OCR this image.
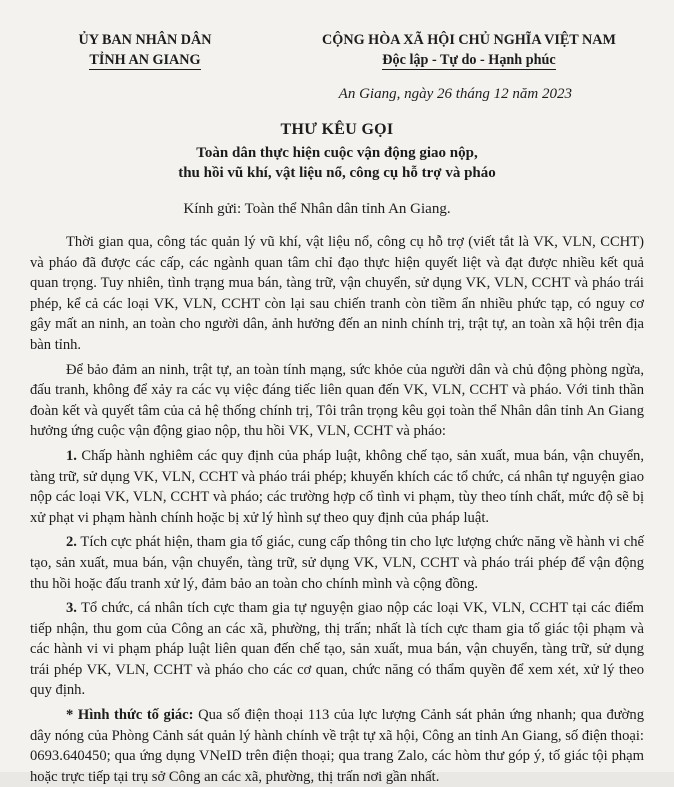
ỦY BAN NHÂN DÂN
TỈNH AN GIANG
CỘNG HÒA XÃ HỘI CHỦ NGHĨA VIỆT NAM
Độc lập - Tự do - Hạnh phúc
An Giang, ngày 26 tháng 12 năm 2023
THƯ KÊU GỌI
Toàn dân thực hiện cuộc vận động giao nộp,
thu hồi vũ khí, vật liệu nổ, công cụ hỗ trợ và pháo
Kính gửi: Toàn thể Nhân dân tỉnh An Giang.

Thời gian qua, công tác quản lý vũ khí, vật liệu nổ, công cụ hỗ trợ (viết tắt là VK, VLN, CCHT) và pháo đã được các cấp, các ngành quan tâm chỉ đạo thực hiện quyết liệt và đạt được nhiều kết quả quan trọng. Tuy nhiên, tình trạng mua bán, tàng trữ, vận chuyển, sử dụng VK, VLN, CCHT và pháo trái phép, kể cả các loại VK, VLN, CCHT còn lại sau chiến tranh còn tiềm ẩn nhiều phức tạp, có nguy cơ gây mất an ninh, an toàn cho người dân, ảnh hưởng đến an ninh chính trị, trật tự, an toàn xã hội trên địa bàn tỉnh.

Để bảo đảm an ninh, trật tự, an toàn tính mạng, sức khỏe của người dân và chủ động phòng ngừa, đấu tranh, không để xảy ra các vụ việc đáng tiếc liên quan đến VK, VLN, CCHT và pháo. Với tinh thần đoàn kết và quyết tâm của cả hệ thống chính trị, Tôi trân trọng kêu gọi toàn thể Nhân dân tỉnh An Giang hưởng ứng cuộc vận động giao nộp, thu hồi VK, VLN, CCHT và pháo:

1. Chấp hành nghiêm các quy định của pháp luật, không chế tạo, sản xuất, mua bán, vận chuyển, tàng trữ, sử dụng VK, VLN, CCHT và pháo trái phép; khuyến khích các tổ chức, cá nhân tự nguyện giao nộp các loại VK, VLN, CCHT và pháo; các trường hợp cố tình vi phạm, tùy theo tính chất, mức độ sẽ bị xử phạt vi phạm hành chính hoặc bị xử lý hình sự theo quy định của pháp luật.

2. Tích cực phát hiện, tham gia tố giác, cung cấp thông tin cho lực lượng chức năng về hành vi chế tạo, sản xuất, mua bán, vận chuyển, tàng trữ, sử dụng VK, VLN, CCHT và pháo trái phép để vận động thu hồi hoặc đấu tranh xử lý, đảm bảo an toàn cho chính mình và cộng đồng.

3. Tổ chức, cá nhân tích cực tham gia tự nguyện giao nộp các loại VK, VLN, CCHT tại các điểm tiếp nhận, thu gom của Công an các xã, phường, thị trấn; nhất là tích cực tham gia tố giác tội phạm và các hành vi vi phạm pháp luật liên quan đến chế tạo, sản xuất, mua bán, vận chuyển, tàng trữ, sử dụng trái phép VK, VLN, CCHT và pháo cho các cơ quan, chức năng có thẩm quyền để xem xét, xử lý theo quy định.

* Hình thức tố giác: Qua số điện thoại 113 của lực lượng Cảnh sát phản ứng nhanh; qua đường dây nóng của Phòng Cảnh sát quản lý hành chính về trật tự xã hội, Công an tỉnh An Giang, số điện thoại: 0693.640450; qua ứng dụng VNeID trên điện thoại; qua trang Zalo, các hòm thư góp ý, tố giác tội phạm hoặc trực tiếp tại trụ sở Công an các xã, phường, thị trấn nơi gần nhất.
